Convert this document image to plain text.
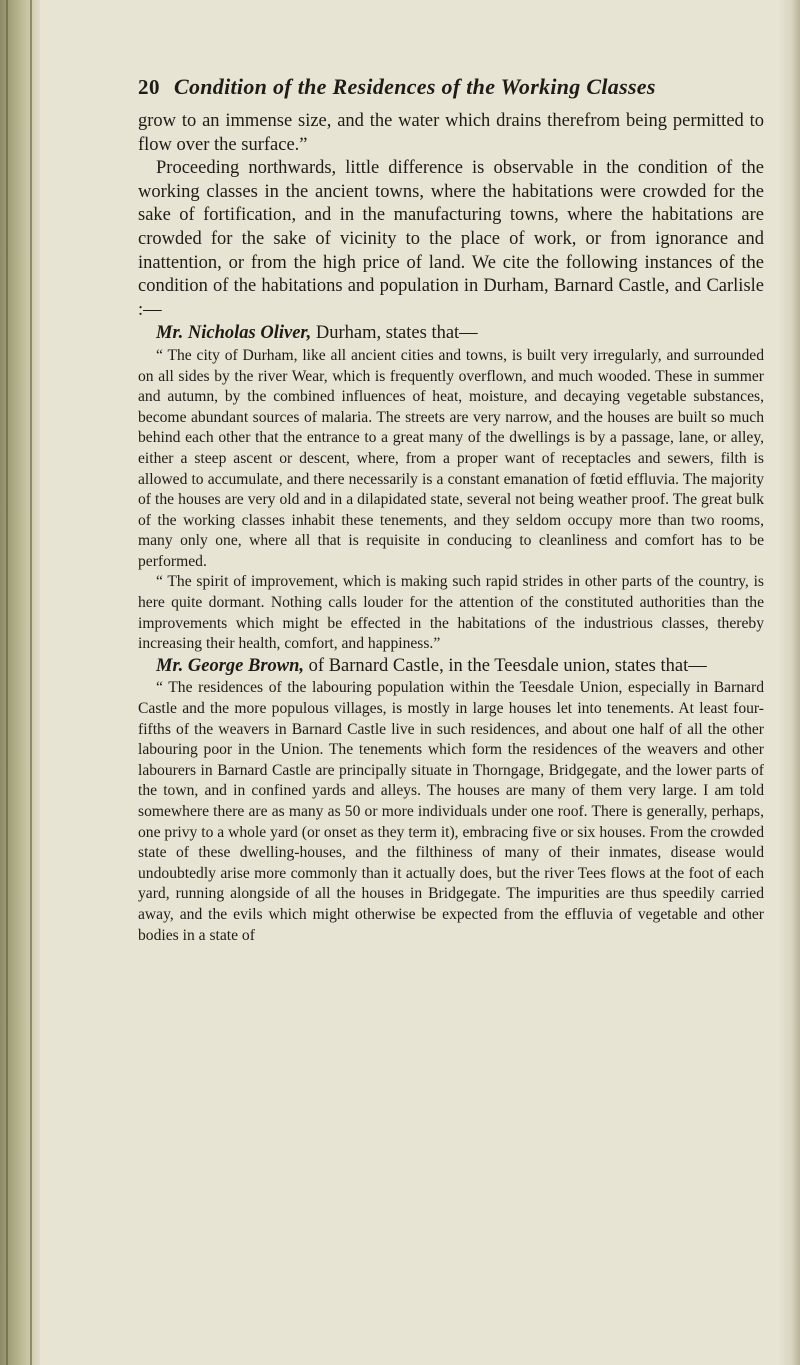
20 Condition of the Residences of the Working Classes

grow to an immense size, and the water which drains therefrom being permitted to flow over the surface.”

Proceeding northwards, little difference is observable in the condition of the working classes in the ancient towns, where the habitations were crowded for the sake of fortification, and in the manufacturing towns, where the habitations are crowded for the sake of vicinity to the place of work, or from ignorance and inattention, or from the high price of land. We cite the following instances of the condition of the habitations and population in Durham, Barnard Castle, and Carlisle :—

Mr. Nicholas Oliver, Durham, states that—

“ The city of Durham, like all ancient cities and towns, is built very irregularly, and surrounded on all sides by the river Wear, which is frequently overflown, and much wooded. These in summer and autumn, by the combined influences of heat, moisture, and decaying vegetable substances, become abundant sources of malaria. The streets are very narrow, and the houses are built so much behind each other that the entrance to a great many of the dwellings is by a passage, lane, or alley, either a steep ascent or descent, where, from a proper want of receptacles and sewers, filth is allowed to accumulate, and there necessarily is a constant emanation of fœtid effluvia. The majority of the houses are very old and in a dilapidated state, several not being weather proof. The great bulk of the working classes inhabit these tenements, and they seldom occupy more than two rooms, many only one, where all that is requisite in conducing to cleanliness and comfort has to be performed.

“ The spirit of improvement, which is making such rapid strides in other parts of the country, is here quite dormant. Nothing calls louder for the attention of the constituted authorities than the improvements which might be effected in the habitations of the industrious classes, thereby increasing their health, comfort, and happiness.”

Mr. George Brown, of Barnard Castle, in the Teesdale union, states that—

“ The residences of the labouring population within the Teesdale Union, especially in Barnard Castle and the more populous villages, is mostly in large houses let into tenements. At least four-fifths of the weavers in Barnard Castle live in such residences, and about one half of all the other labouring poor in the Union. The tenements which form the residences of the weavers and other labourers in Barnard Castle are principally situate in Thorngage, Bridgegate, and the lower parts of the town, and in confined yards and alleys. The houses are many of them very large. I am told somewhere there are as many as 50 or more individuals under one roof. There is generally, perhaps, one privy to a whole yard (or onset as they term it), embracing five or six houses. From the crowded state of these dwelling-houses, and the filthiness of many of their inmates, disease would undoubtedly arise more commonly than it actually does, but the river Tees flows at the foot of each yard, running alongside of all the houses in Bridgegate. The impurities are thus speedily carried away, and the evils which might otherwise be expected from the effluvia of vegetable and other bodies in a state of
